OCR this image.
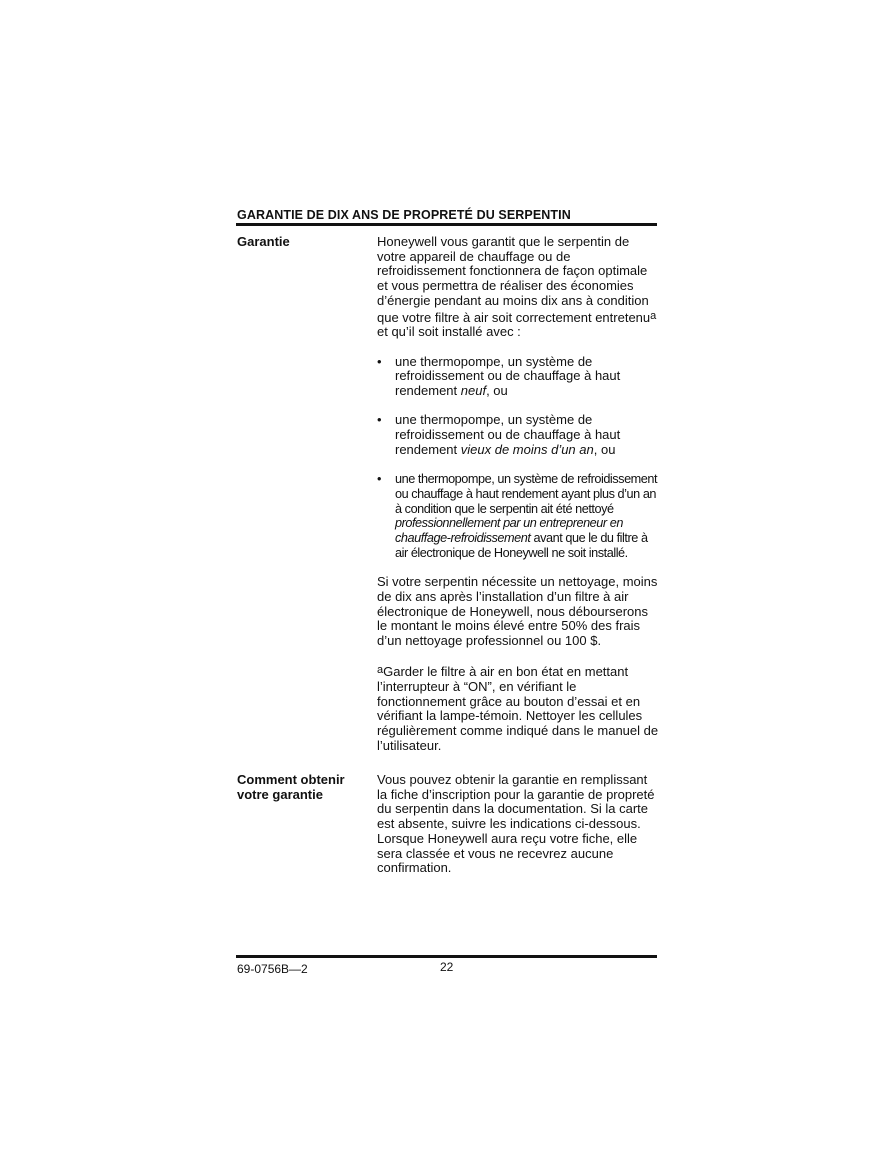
GARANTIE DE DIX ANS DE PROPRETÉ DU SERPENTIN
Garantie	Honeywell vous garantit que le serpentin de votre appareil de chauffage ou de refroidissement fonctionnera de façon optimale et vous permettra de réaliser des économies d’énergie pendant au moins dix ans à condition que votre filtre à air soit correctement entretenu$^a$ et qu’il soit installé avec :

• une thermopompe, un système de refroidissement ou de chauffage à haut rendement neuf, ou
• une thermopompe, un système de refroidissement ou de chauffage à haut rendement vieux de moins d’un an, ou
• une thermopompe, un système de refroidissement ou chauffage à haut rendement ayant plus d’un an à condition que le serpentin ait été nettoyé professionnellement par un entrepreneur en chauffage-refroidissement avant que le du filtre à air électronique de Honeywell ne soit installé.

Si votre serpentin nécessite un nettoyage, moins de dix ans après l’installation d’un filtre à air électronique de Honeywell, nous débourserons le montant le moins élevé entre 50% des frais d’un nettoyage professionnel ou 100 $.

$^a$Garder le filtre à air en bon état en mettant l’interrupteur à “ON”, en vérifiant le fonctionnement grâce au bouton d’essai et en vérifiant la lampe-témoin. Nettoyer les cellules régulièrement comme indiqué dans le manuel de l’utilisateur.

Comment obtenir votre garantie

Vous pouvez obtenir la garantie en remplissant la fiche d’inscription pour la garantie de propreté du serpentin dans la documentation. Si la carte est absente, suivre les indications ci-dessous. Lorsque Honeywell aura reçu votre fiche, elle sera classée et vous ne recevrez aucune confirmation.

69-0756B—2	22
